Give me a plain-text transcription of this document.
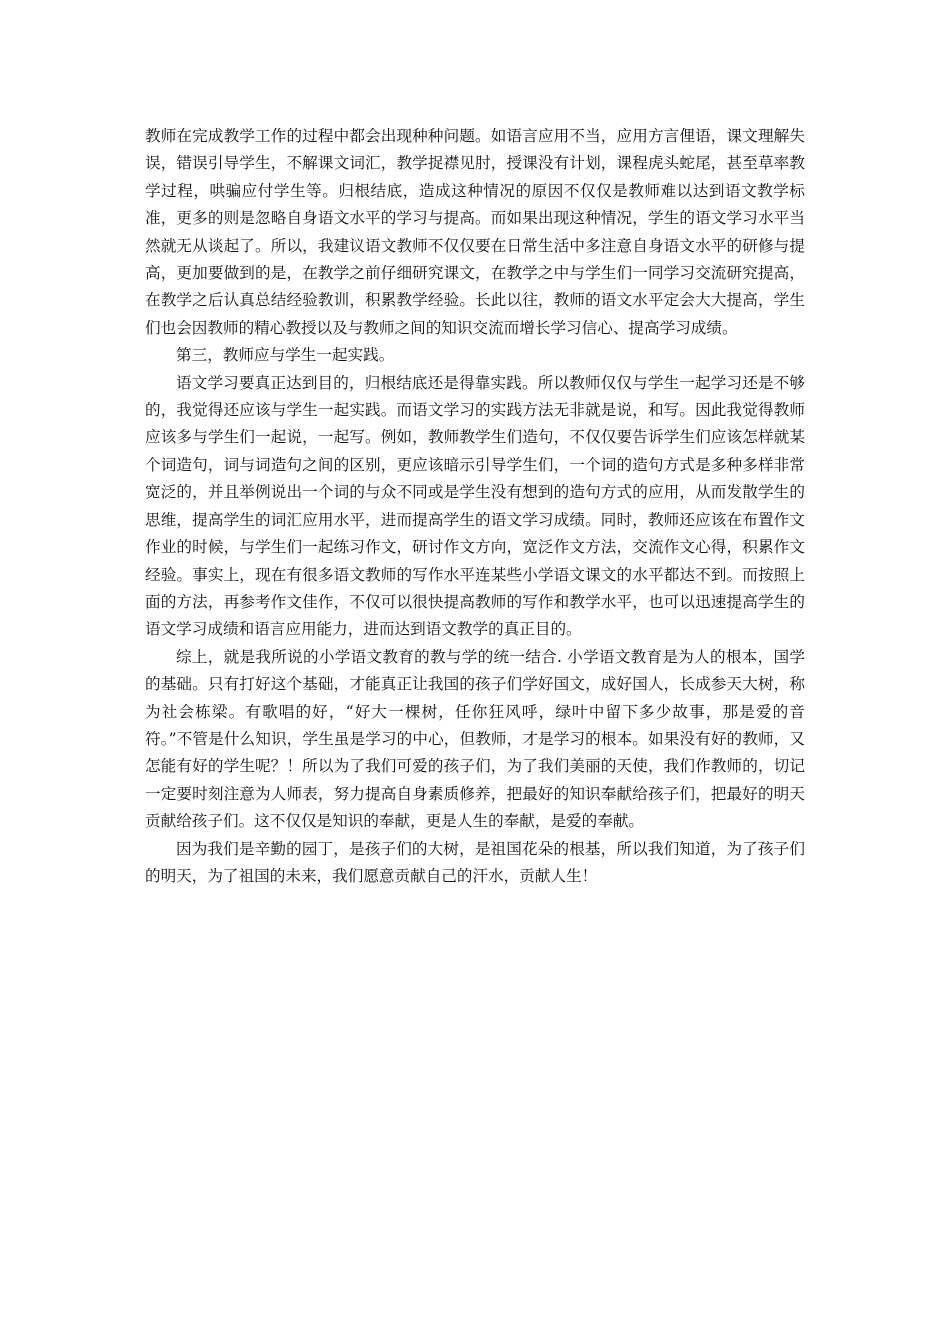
教师在完成教学工作的过程中都会出现种种问题。如语言应用不当，应用方言俚语，课文理解失误，错误引导学生，不解课文词汇，教学捉襟见肘，授课没有计划，课程虎头蛇尾，甚至草率教学过程，哄骗应付学生等。归根结底，造成这种情况的原因不仅仅是教师难以达到语文教学标准，更多的则是忽略自身语文水平的学习与提高。而如果出现这种情况，学生的语文学习水平当然就无从谈起了。所以，我建议语文教师不仅仅要在日常生活中多注意自身语文水平的研修与提高，更加要做到的是，在教学之前仔细研究课文，在教学之中与学生们一同学习交流研究提高，在教学之后认真总结经验教训，积累教学经验。长此以往，教师的语文水平定会大大提高，学生们也会因教师的精心教授以及与教师之间的知识交流而增长学习信心、提高学习成绩。

第三，教师应与学生一起实践。

语文学习要真正达到目的，归根结底还是得靠实践。所以教师仅仅与学生一起学习还是不够的，我觉得还应该与学生一起实践。而语文学习的实践方法无非就是说，和写。因此我觉得教师应该多与学生们一起说，一起写。例如，教师教学生们造句，不仅仅要告诉学生们应该怎样就某个词造句，词与词造句之间的区别，更应该暗示引导学生们，一个词的造句方式是多种多样非常宽泛的，并且举例说出一个词的与众不同或是学生没有想到的造句方式的应用，从而发散学生的思维，提高学生的词汇应用水平，进而提高学生的语文学习成绩。同时，教师还应该在布置作文作业的时候，与学生们一起练习作文，研讨作文方向，宽泛作文方法，交流作文心得，积累作文经验。事实上，现在有很多语文教师的写作水平连某些小学语文课文的水平都达不到。而按照上面的方法，再参考作文佳作，不仅可以很快提高教师的写作和教学水平，也可以迅速提高学生的语文学习成绩和语言应用能力，进而达到语文教学的真正目的。

综上，就是我所说的小学语文教育的教与学的统一结合. 小学语文教育是为人的根本，国学的基础。只有打好这个基础，才能真正让我国的孩子们学好国文，成好国人，长成参天大树，称为社会栋梁。有歌唱的好，“好大一棵树，任你狂风呼，绿叶中留下多少故事，那是爱的音符。”不管是什么知识，学生虽是学习的中心，但教师，才是学习的根本。如果没有好的教师，又怎能有好的学生呢？！所以为了我们可爱的孩子们，为了我们美丽的天使，我们作教师的，切记一定要时刻注意为人师表，努力提高自身素质修养，把最好的知识奉献给孩子们，把最好的明天贡献给孩子们。这不仅仅是知识的奉献，更是人生的奉献，是爱的奉献。

因为我们是辛勤的园丁，是孩子们的大树，是祖国花朵的根基，所以我们知道，为了孩子们的明天，为了祖国的未来，我们愿意贡献自己的汗水，贡献人生！
